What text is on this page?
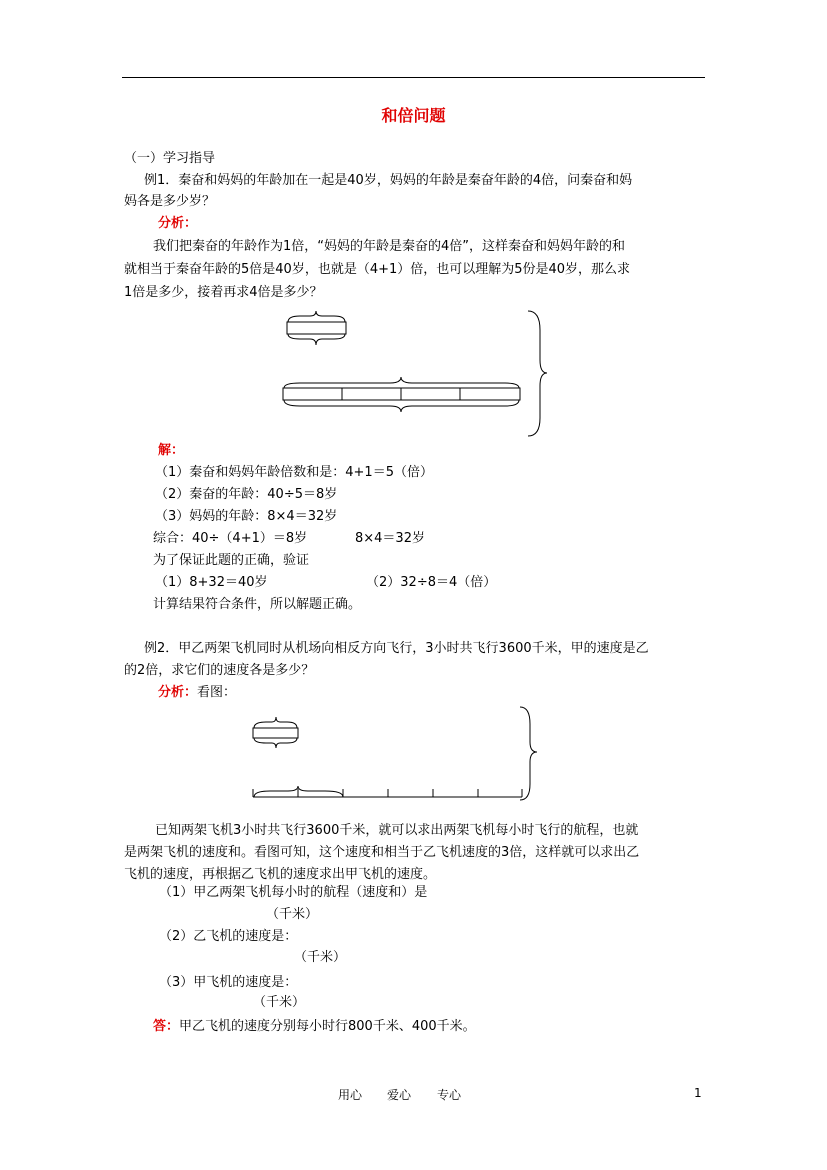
和倍问题
（一）学习指导
例1．秦奋和妈妈的年龄加在一起是40岁，妈妈的年龄是秦奋年龄的4倍，问秦奋和妈
妈各是多少岁？
分析：
我们把秦奋的年龄作为1倍，“妈妈的年龄是秦奋的4倍”，这样秦奋和妈妈年龄的和
就相当于秦奋年龄的5倍是40岁，也就是（4+1）倍，也可以理解为5份是40岁，那么求
1倍是多少，接着再求4倍是多少？
解：
（1）秦奋和妈妈年龄倍数和是：4+1＝5（倍）
（2）秦奋的年龄：40÷5＝8岁
（3）妈妈的年龄：8×4＝32岁
综合：40÷（4+1）＝8岁	8×4＝32岁
为了保证此题的正确，验证
（1）8+32＝40岁	（2）32÷8＝4（倍）
计算结果符合条件，所以解题正确。
例2．甲乙两架飞机同时从机场向相反方向飞行，3小时共飞行3600千米，甲的速度是乙
的2倍，求它们的速度各是多少？
分析：看图：
已知两架飞机3小时共飞行3600千米，就可以求出两架飞机每小时飞行的航程，也就
是两架飞机的速度和。看图可知，这个速度和相当于乙飞机速度的3倍，这样就可以求出乙
飞机的速度，再根据乙飞机的速度求出甲飞机的速度。
（1）甲乙两架飞机每小时的航程（速度和）是
（千米）
（2）乙飞机的速度是：
（千米）
（3）甲飞机的速度是：
（千米）
答：甲乙飞机的速度分别每小时行800千米、400千米。
用心 爱心 专心	1
